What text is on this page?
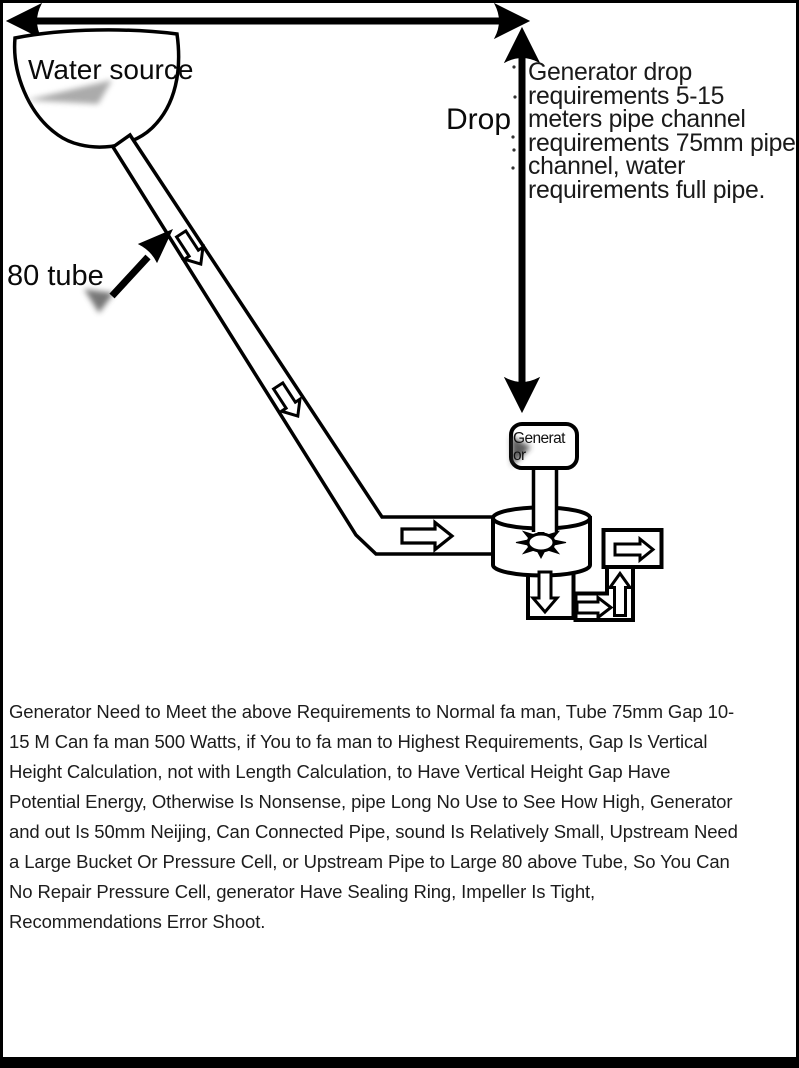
Water source
80 tube
Drop
Generator drop
requirements 5-15
meters pipe channel
requirements 75mm pipe
channel, water
requirements full pipe.
Generat
or
Generator Need to Meet the above Requirements to Normal fa man, Tube 75mm Gap 10-
15 M Can fa man 500 Watts, if You to fa man to Highest Requirements, Gap Is Vertical
Height Calculation, not with Length Calculation, to Have Vertical Height Gap Have
Potential Energy, Otherwise Is Nonsense, pipe Long No Use to See How High, Generator
and out Is 50mm Neijing, Can Connected Pipe, sound Is Relatively Small, Upstream Need
a Large Bucket Or Pressure Cell, or Upstream Pipe to Large 80 above Tube, So You Can
No Repair Pressure Cell, generator Have Sealing Ring, Impeller Is Tight,
Recommendations Error Shoot.
